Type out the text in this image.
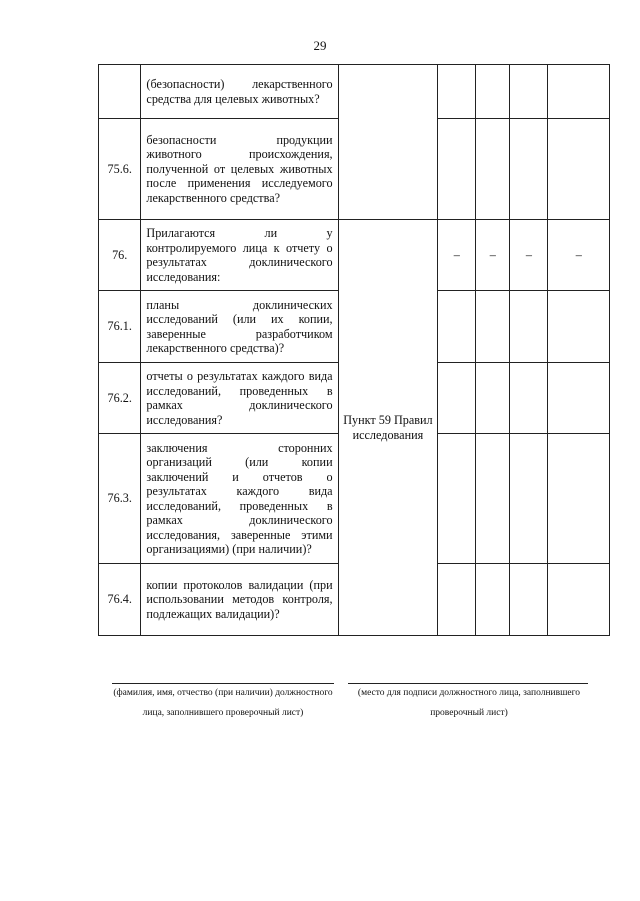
29

	(безопасности) лекарственного средства для целевых животных?					

75.6.	безопасности продукции животного происхождения, полученной от целевых животных после применения исследуемого лекарственного средства?					

76.	Прилагаются ли у контролируемого лица к отчету о результатах доклинического исследования:	Пункт 59 Правил исследования	–	–	–	–
76.1.	планы доклинических исследований (или их копии, заверенные разработчиком лекарственного средства)?					

76.2.	отчеты о результатах каждого вида исследований, проведенных в рамках доклинического исследования?					

76.3.	заключения сторонних организаций (или копии заключений и отчетов о результатах каждого вида исследований, проведенных в рамках доклинического исследования, заверенные этими организациями) (при наличии)?					

76.4.	копии протоколов валидации (при использовании методов контроля, подлежащих валидации)?					

(фамилия, имя, отчество (при наличии) должностного лица, заполнившего проверочный лист)
(место для подписи должностного лица, заполнившего проверочный лист)
